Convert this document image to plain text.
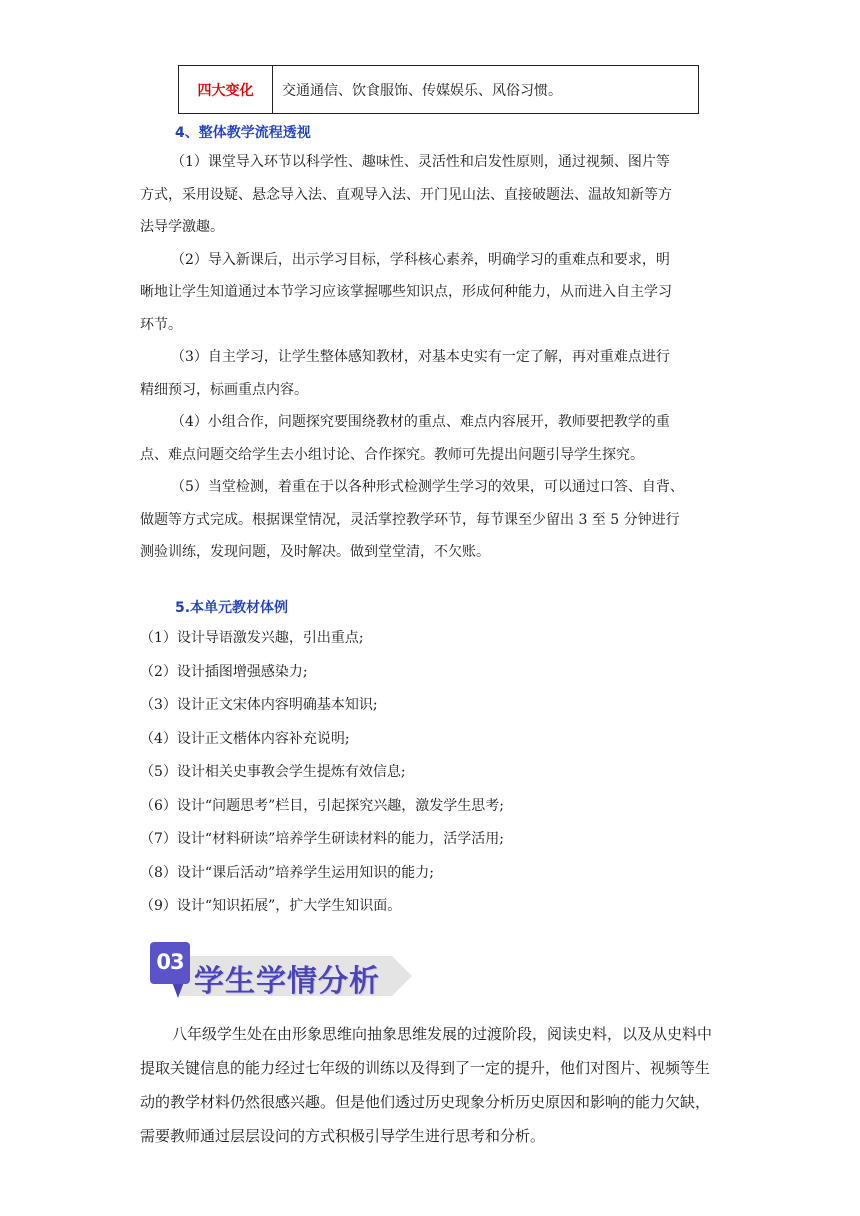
四大变化	交通通信、饮食服饰、传媒娱乐、风俗习惯。
4、整体教学流程透视
（1）课堂导入环节以科学性、趣味性、灵活性和启发性原则，通过视频、图片等
方式，采用设疑、悬念导入法、直观导入法、开门见山法、直接破题法、温故知新等方
法导学激趣。
（2）导入新课后，出示学习目标，学科核心素养，明确学习的重难点和要求，明
晰地让学生知道通过本节学习应该掌握哪些知识点，形成何种能力，从而进入自主学习
环节。
（3）自主学习，让学生整体感知教材，对基本史实有一定了解，再对重难点进行
精细预习，标画重点内容。
（4）小组合作，问题探究要围绕教材的重点、难点内容展开，教师要把教学的重
点、难点问题交给学生去小组讨论、合作探究。教师可先提出问题引导学生探究。
（5）当堂检测，着重在于以各种形式检测学生学习的效果，可以通过口答、自背、
做题等方式完成。根据课堂情况，灵活掌控教学环节，每节课至少留出 3 至 5 分钟进行
测验训练，发现问题，及时解决。做到堂堂清，不欠账。
5.本单元教材体例
（1）设计导语激发兴趣，引出重点;
（2）设计插图增强感染力;
（3）设计正文宋体内容明确基本知识;
（4）设计正文楷体内容补充说明;
（5）设计相关史事教会学生提炼有效信息;
（6）设计“问题思考”栏目，引起探究兴趣，激发学生思考;
（7）设计“材料研读”培养学生研读材料的能力，活学活用;
（8）设计“课后活动”培养学生运用知识的能力;
（9）设计“知识拓展”，扩大学生知识面。
03
学生学情分析
八年级学生处在由形象思维向抽象思维发展的过渡阶段，阅读史料，以及从史料中
提取关键信息的能力经过七年级的训练以及得到了一定的提升，他们对图片、视频等生
动的教学材料仍然很感兴趣。但是他们透过历史现象分析历史原因和影响的能力欠缺，
需要教师通过层层设问的方式积极引导学生进行思考和分析。
